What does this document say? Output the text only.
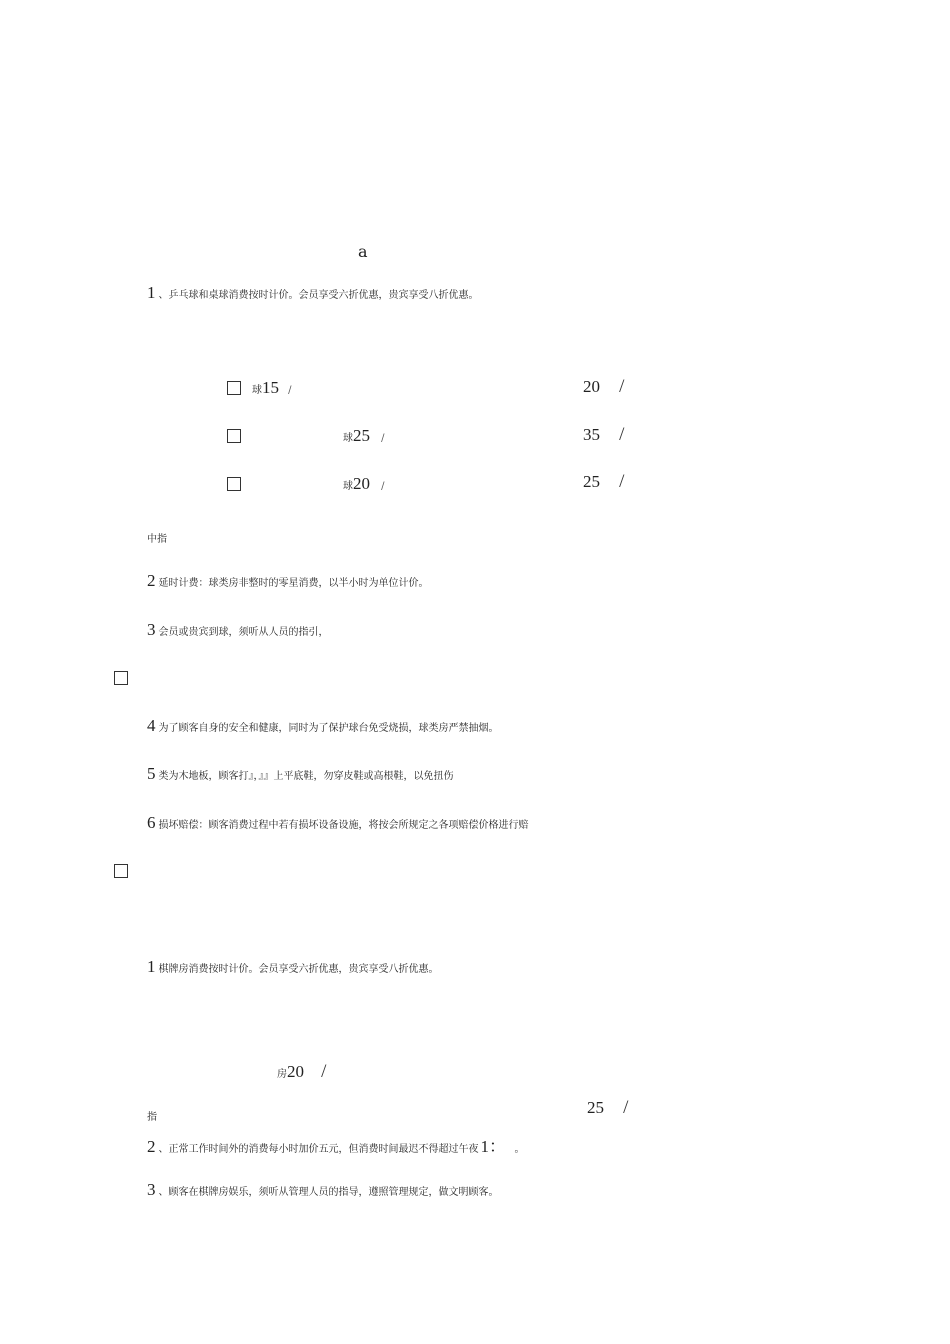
a
1 、乒乓球和桌球消费按时计价。会员享受六折优惠，贵宾享受八折优惠。
球15 /	20 /
球25 /	35 /
球20 /	25 /
中指
2 延时计费：球类房非整时的零星消费，以半小时为单位计价。
3 会员或贵宾到球，须听从人员的指引，
4 为了顾客自身的安全和健康，同时为了保护球台免受烧损，球类房严禁抽烟。
5 类为木地板，顾客打』，』』上平底鞋，勿穿皮鞋或高根鞋，以免扭伤
6 损坏赔偿：顾客消费过程中若有损坏设备设施，将按会所规定之各项赔偿价格进行赔
1 棋牌房消费按时计价。会员享受六折优惠，贵宾享受八折优惠。
房20 /
指
25 /
2 、正常工作时间外的消费每小时加价五元，但消费时间最迟不得超过午夜 1： 。
3 、顾客在棋牌房娱乐，须听从管理人员的指导，遵照管理规定，做文明顾客。
